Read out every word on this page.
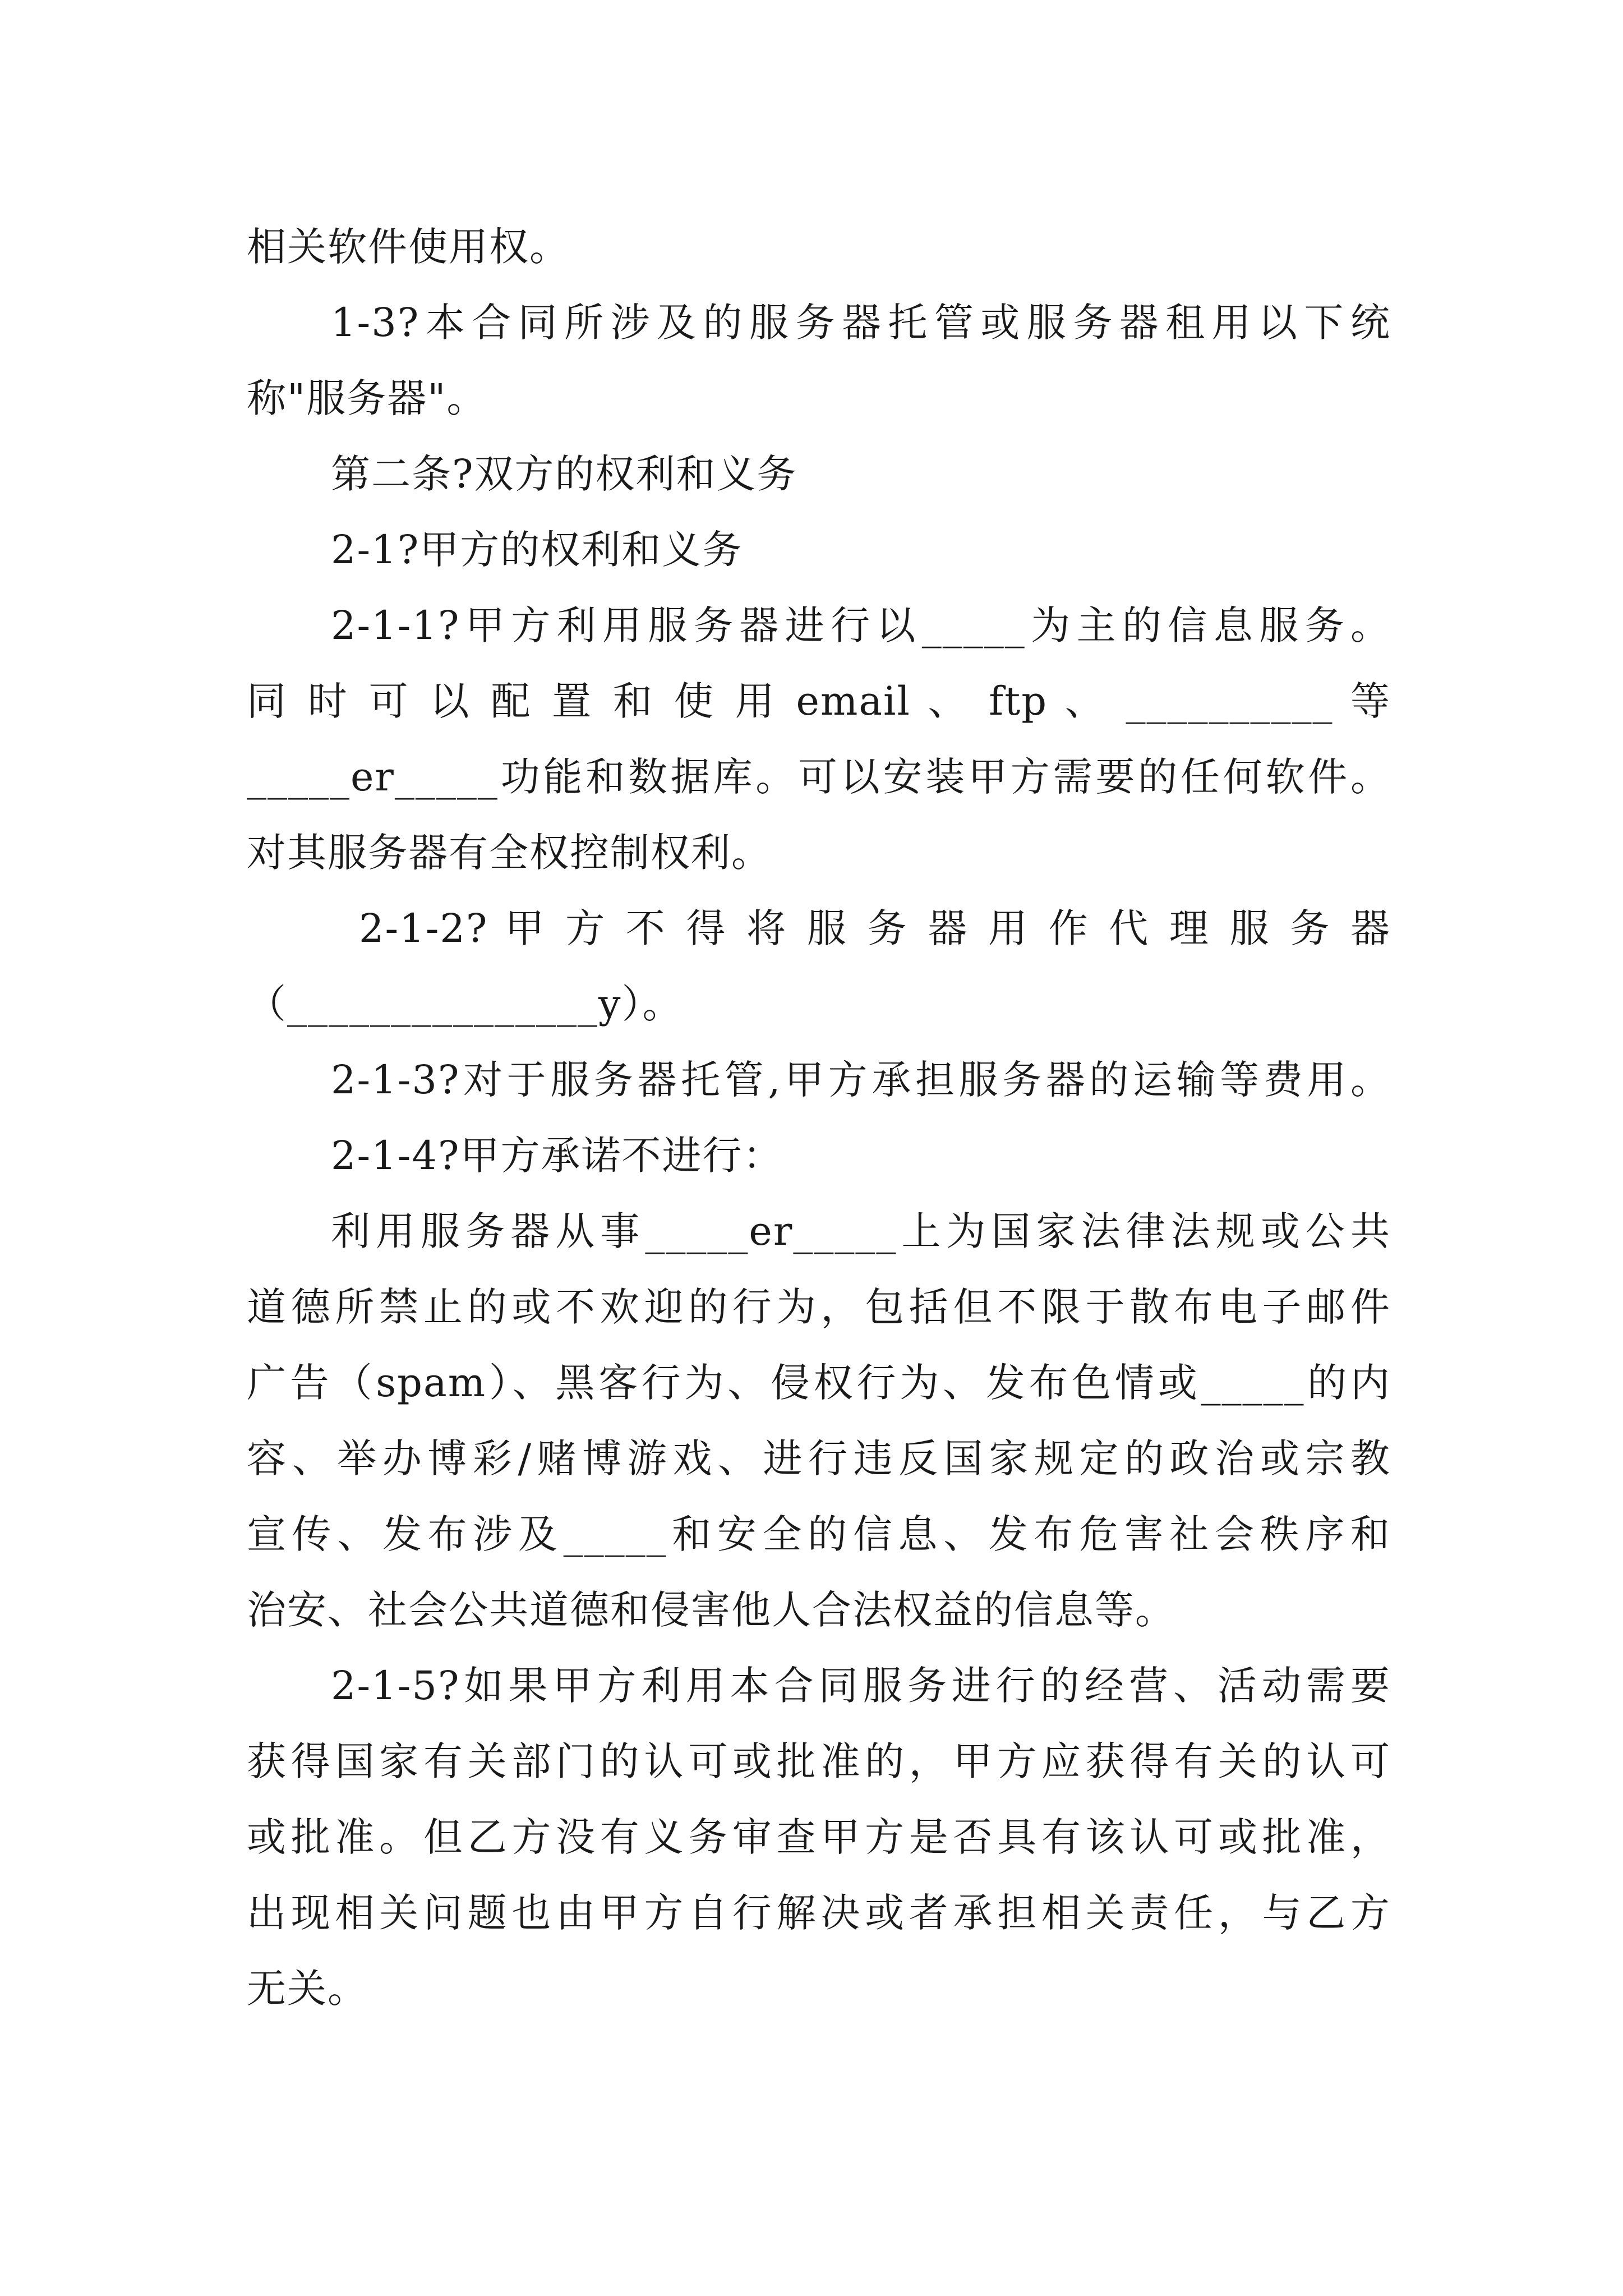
相关软件使用权。
1-3?本合同所涉及的服务器托管或服务器租用以下统
称"服务器"。
第二条?双方的权利和义务
2-1?甲方的权利和义务
2-1-1?甲方利用服务器进行以_____为主的信息服务。
同 时 可 以 配 置 和 使 用 email 、 ftp 、 __________ 等
_____er_____功能和数据库。可以安装甲方需要的任何软件。
对其服务器有全权控制权利。
2-1-2? 甲 方 不 得 将 服 务 器 用 作 代 理 服 务 器
（_______________y）。
2-1-3?对于服务器托管,甲方承担服务器的运输等费用。
2-1-4?甲方承诺不进行：
利用服务器从事_____er_____上为国家法律法规或公共
道德所禁止的或不欢迎的行为，包括但不限于散布电子邮件
广告（spam）、黑客行为、侵权行为、发布色情或_____的内
容、举办博彩/赌博游戏、进行违反国家规定的政治或宗教
宣传、发布涉及_____和安全的信息、发布危害社会秩序和
治安、社会公共道德和侵害他人合法权益的信息等。
2-1-5?如果甲方利用本合同服务进行的经营、活动需要
获得国家有关部门的认可或批准的，甲方应获得有关的认可
或批准。但乙方没有义务审查甲方是否具有该认可或批准，
出现相关问题也由甲方自行解决或者承担相关责任，与乙方
无关。
